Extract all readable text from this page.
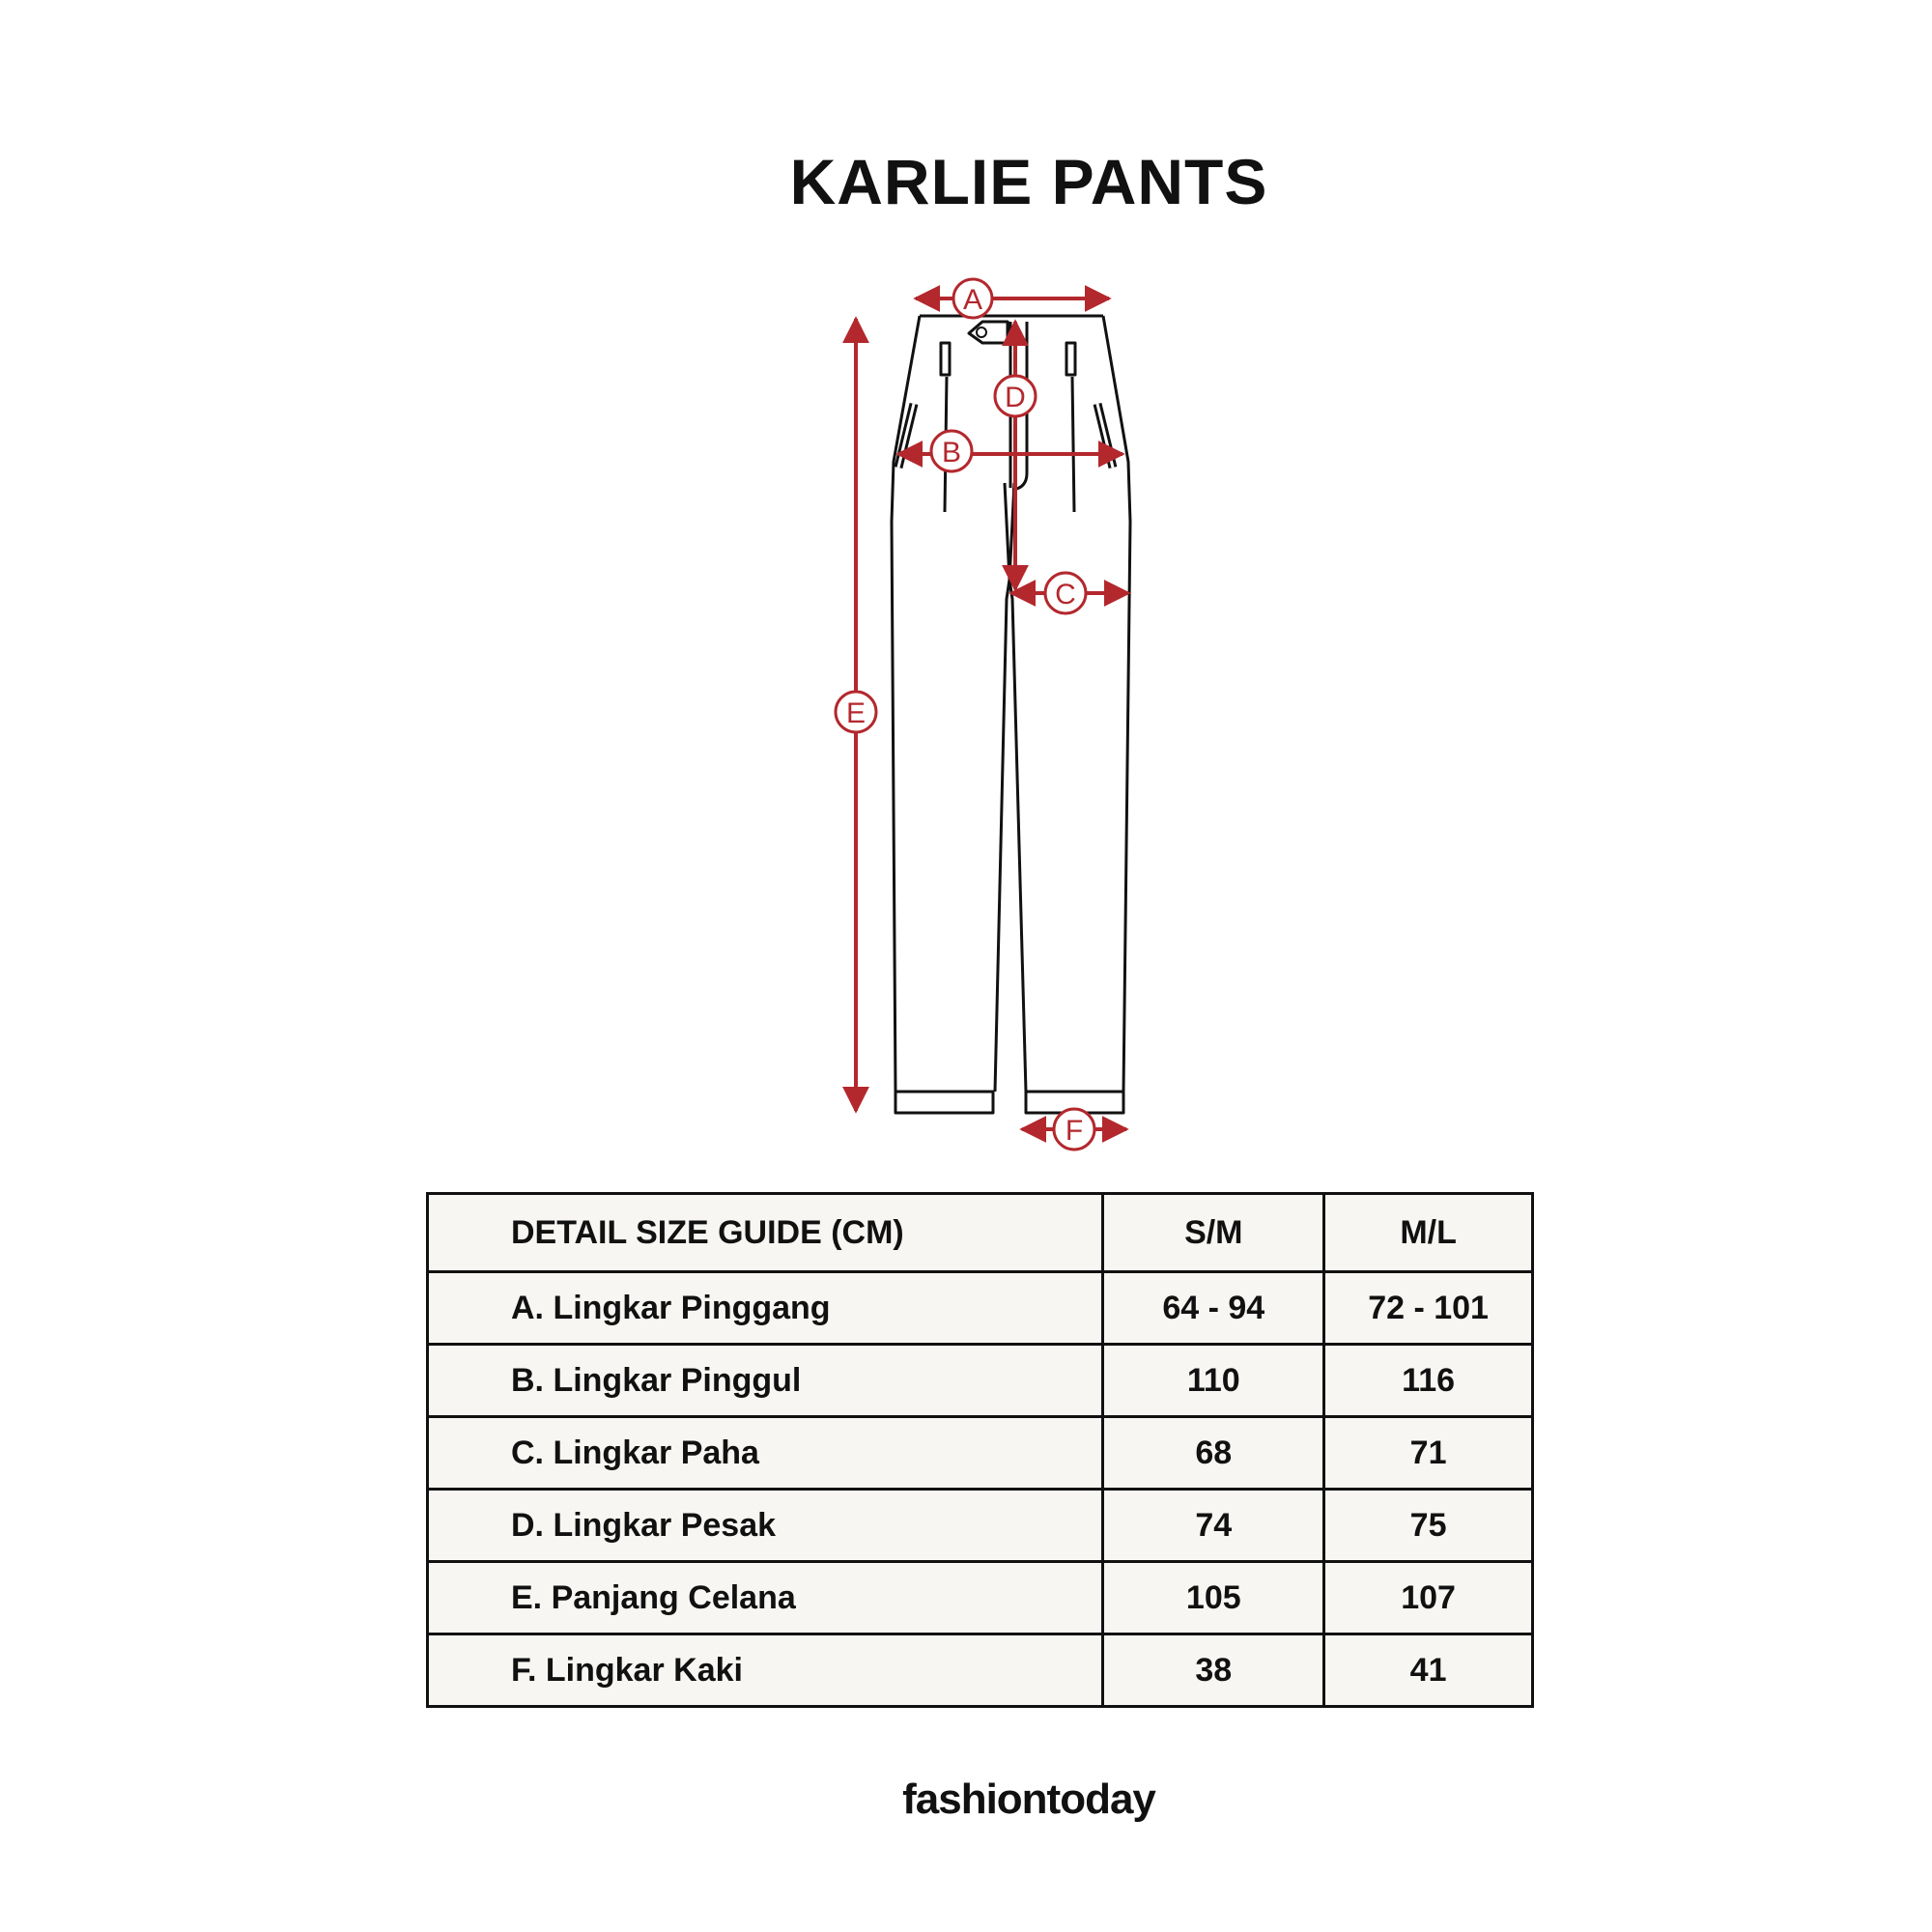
KARLIE PANTS
A
B
C
D
E
F
DETAIL SIZE GUIDE (CM)	S/M	M/L
A. Lingkar Pinggang	64 - 94	72 - 101
B. Lingkar Pinggul	110	116
C. Lingkar Paha	68	71
D. Lingkar Pesak	74	75
E. Panjang Celana	105	107
F. Lingkar Kaki	38	41
fashiontoday
